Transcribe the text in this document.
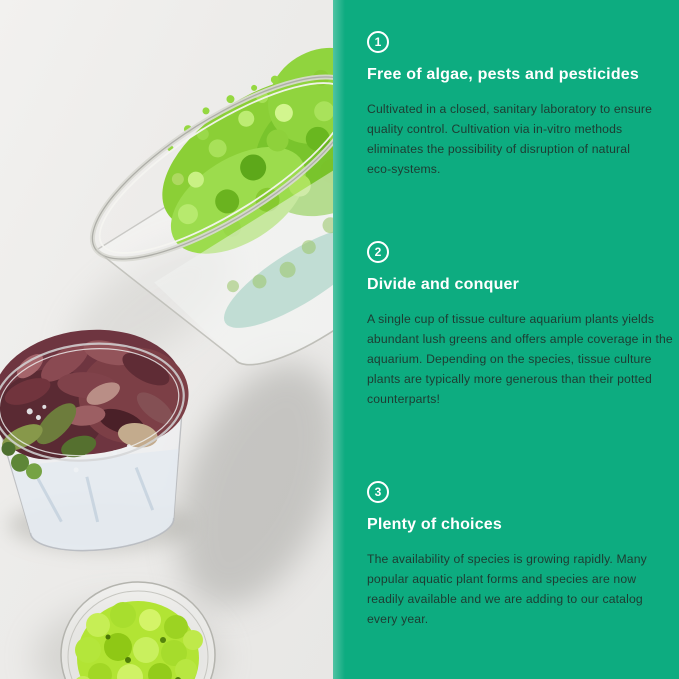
1
Free of algae, pests and pesticides

Cultivated in a closed, sanitary laboratory to ensure
quality control. Cultivation via in-vitro methods
eliminates the possibility of disruption of natural
eco-systems.

2
Divide and conquer

A single cup of tissue culture aquarium plants yields
abundant lush greens and offers ample coverage in the
aquarium. Depending on the species, tissue culture
plants are typically more generous than their potted
counterparts!

3
Plenty of choices

The availability of species is growing rapidly. Many
popular aquatic plant forms and species are now
readily available and we are adding to our catalog
every year.
